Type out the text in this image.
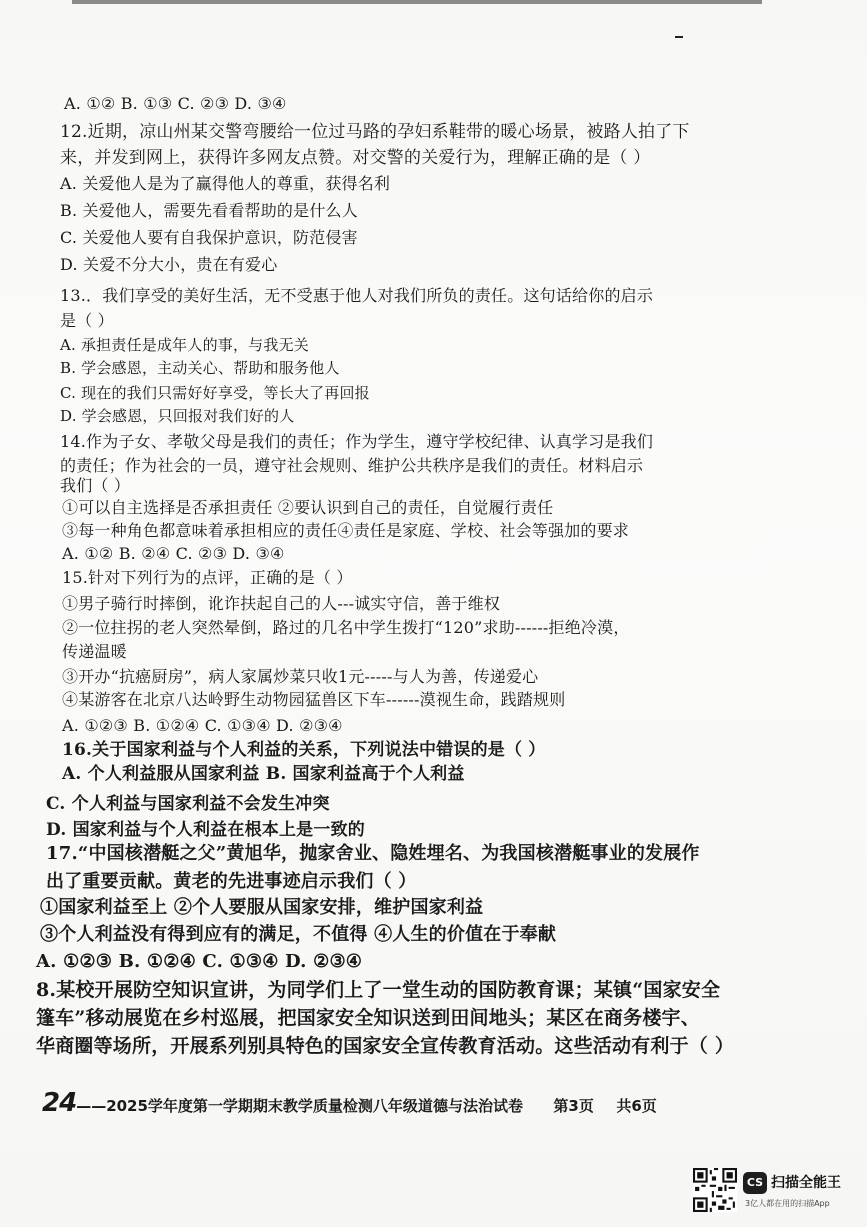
A. ①② B. ①③ C. ②③ D. ③④
12.近期，凉山州某交警弯腰给一位过马路的孕妇系鞋带的暖心场景，被路人拍了下
来，并发到网上，获得许多网友点赞。对交警的关爱行为，理解正确的是（ ）
A. 关爱他人是为了赢得他人的尊重，获得名利
B. 关爱他人，需要先看看帮助的是什么人
C. 关爱他人要有自我保护意识，防范侵害
D. 关爱不分大小，贵在有爱心
13.．我们享受的美好生活，无不受惠于他人对我们所负的责任。这句话给你的启示
是（ ）
A. 承担责任是成年人的事，与我无关
B. 学会感恩，主动关心、帮助和服务他人
C. 现在的我们只需好好享受，等长大了再回报
D. 学会感恩，只回报对我们好的人
14.作为子女、孝敬父母是我们的责任；作为学生，遵守学校纪律、认真学习是我们
的责任；作为社会的一员，遵守社会规则、维护公共秩序是我们的责任。材料启示
我们（ ）
①可以自主选择是否承担责任 ②要认识到自己的责任，自觉履行责任
③每一种角色都意味着承担相应的责任④责任是家庭、学校、社会等强加的要求
A. ①② B. ②④ C. ②③ D. ③④
15.针对下列行为的点评，正确的是（ ）
①男子骑行时摔倒，讹诈扶起自己的人---诚实守信，善于维权
②一位拄拐的老人突然晕倒，路过的几名中学生拨打“120”求助------拒绝冷漠，
传递温暖
③开办“抗癌厨房”，病人家属炒菜只收1元-----与人为善，传递爱心
④某游客在北京八达岭野生动物园猛兽区下车------漠视生命，践踏规则
A. ①②③ B. ①②④ C. ①③④ D. ②③④
16.关于国家利益与个人利益的关系，下列说法中错误的是（ ）
A. 个人利益服从国家利益 B. 国家利益高于个人利益
C. 个人利益与国家利益不会发生冲突
D. 国家利益与个人利益在根本上是一致的
17.“中国核潜艇之父”黄旭华，抛家舍业、隐姓埋名、为我国核潜艇事业的发展作
出了重要贡献。黄老的先进事迹启示我们（ ）
①国家利益至上 ②个人要服从国家安排，维护国家利益
③个人利益没有得到应有的满足，不值得 ④人生的价值在于奉献
A. ①②③ B. ①②④ C. ①③④ D. ②③④
8.某校开展防空知识宣讲，为同学们上了一堂生动的国防教育课；某镇“国家安全
篷车”移动展览在乡村巡展，把国家安全知识送到田间地头；某区在商务楼宇、
华商圈等场所，开展系列别具特色的国家安全宣传教育活动。这些活动有利于（ ）
24——2025学年度第一学期期末教学质量检测八年级道德与法治试卷 第3页 共6页
CS 扫描全能王
3亿人都在用的扫描App
